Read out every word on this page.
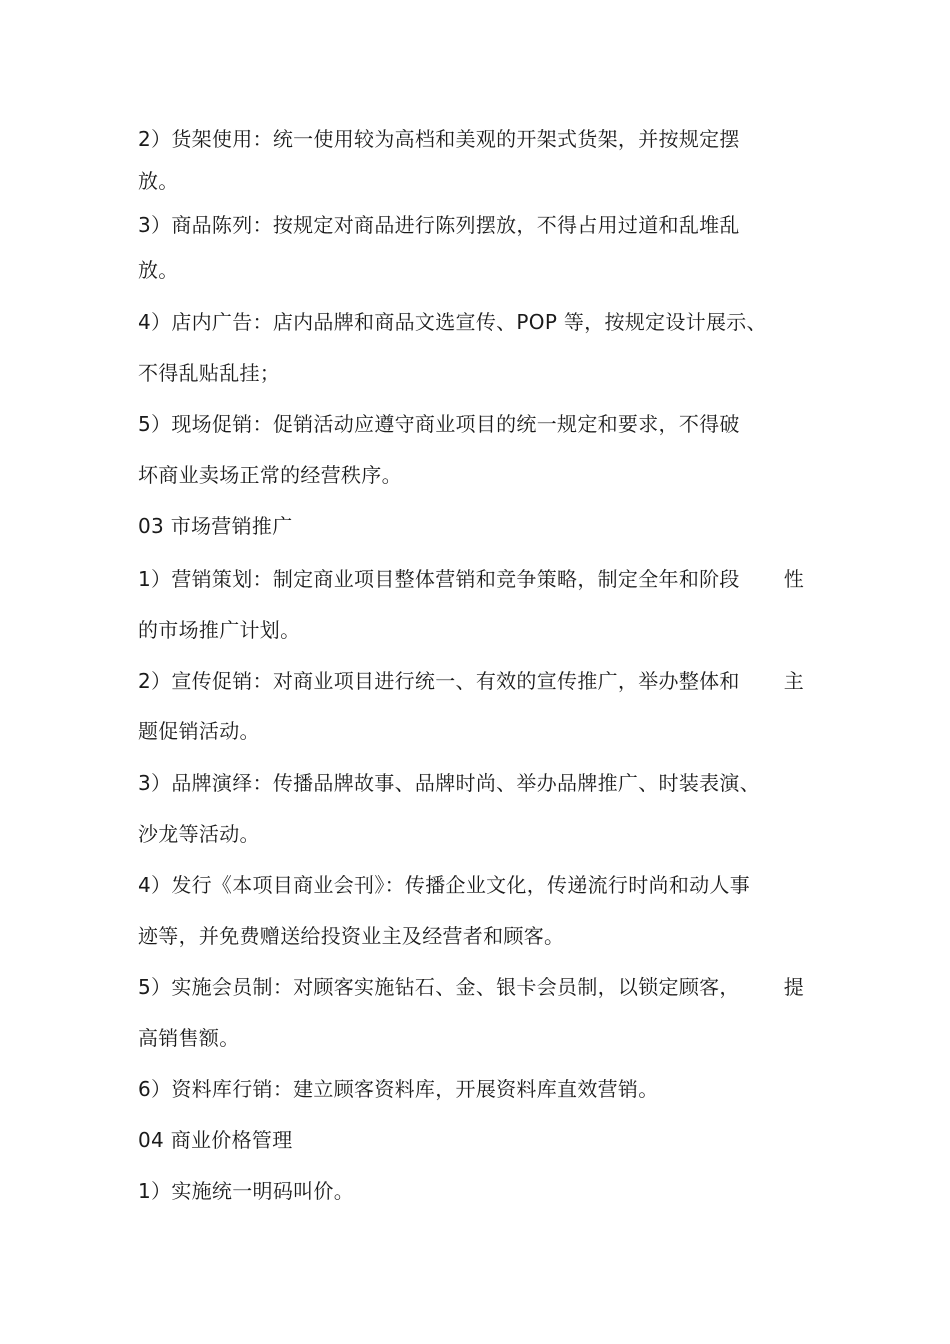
2）货架使用：统一使用较为高档和美观的开架式货架，并按规定摆
放。
3）商品陈列：按规定对商品进行陈列摆放，不得占用过道和乱堆乱
放。
4）店内广告：店内品牌和商品文选宣传、POP 等，按规定设计展示、
不得乱贴乱挂；
5）现场促销：促销活动应遵守商业项目的统一规定和要求，不得破
坏商业卖场正常的经营秩序。
03 市场营销推广
1）营销策划：制定商业项目整体营销和竞争策略，制定全年和阶段 性
的市场推广计划。
2）宣传促销：对商业项目进行统一、有效的宣传推广，举办整体和 主
题促销活动。
3）品牌演绎：传播品牌故事、品牌时尚、举办品牌推广、时装表演、
沙龙等活动。
4）发行《本项目商业会刊》：传播企业文化，传递流行时尚和动人事
迹等，并免费赠送给投资业主及经营者和顾客。
5）实施会员制：对顾客实施钻石、金、银卡会员制，以锁定顾客， 提
高销售额。
6）资料库行销：建立顾客资料库，开展资料库直效营销。
04 商业价格管理
1）实施统一明码叫价。
